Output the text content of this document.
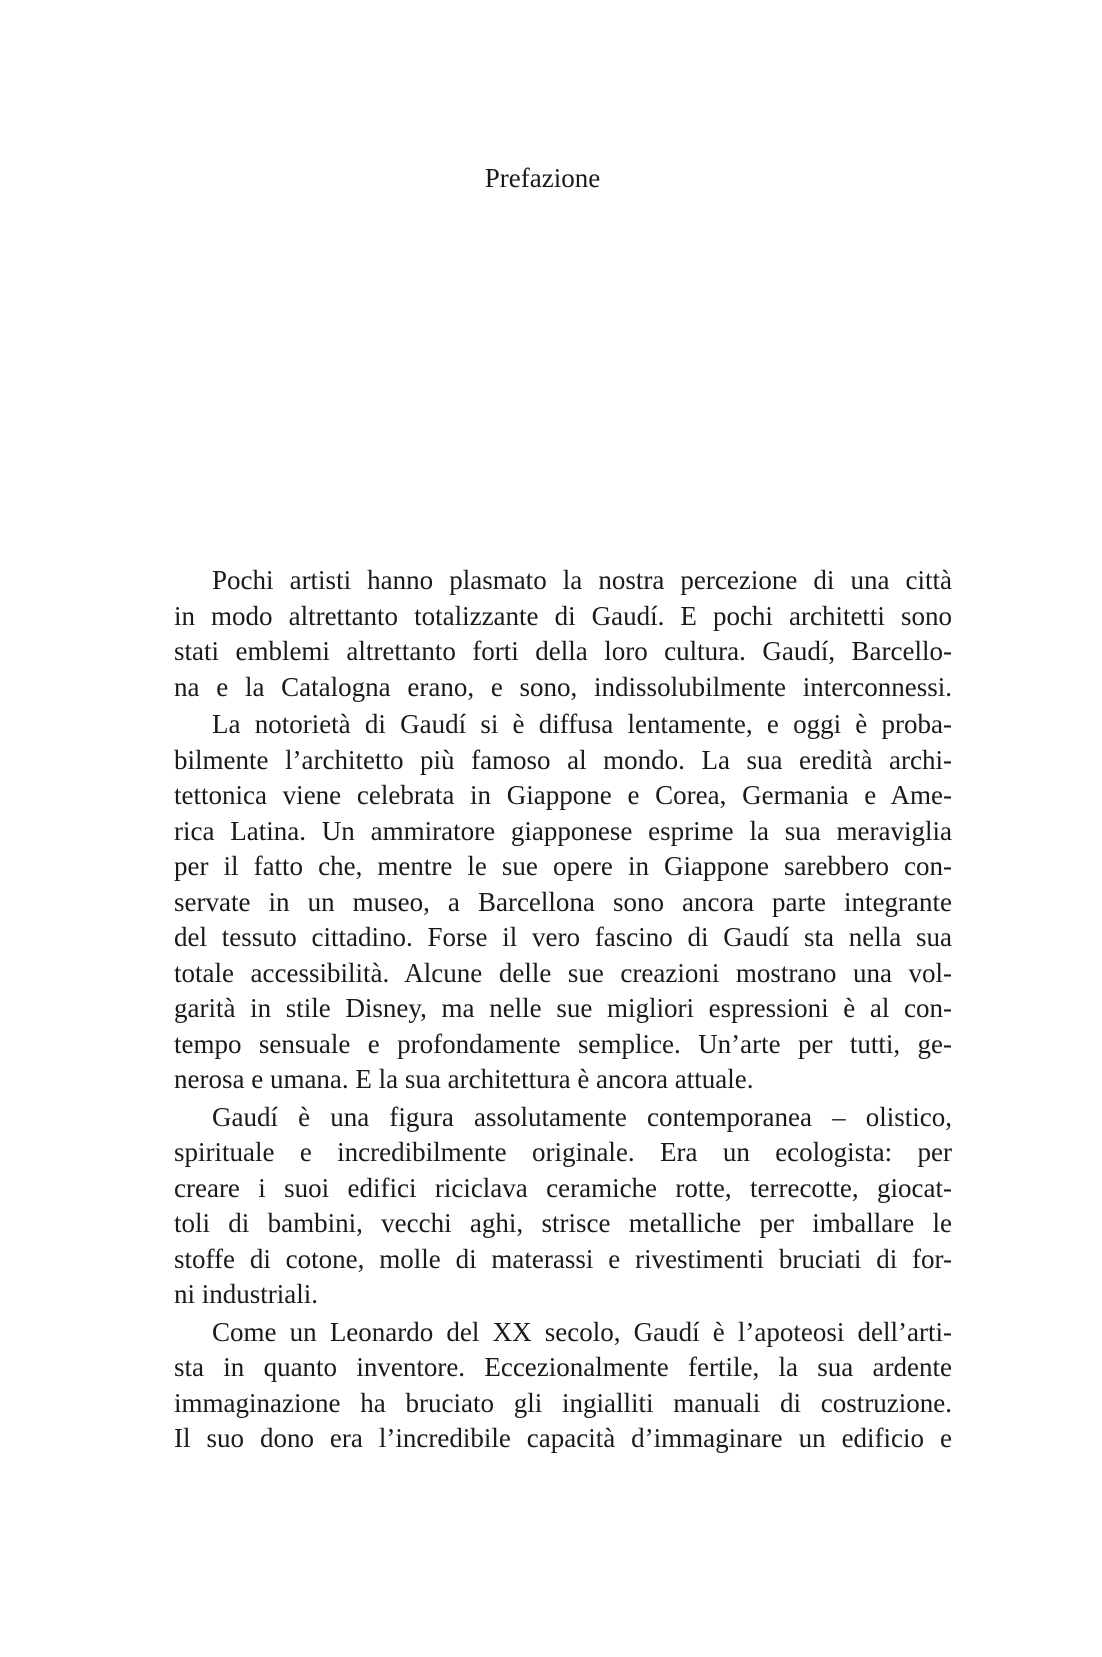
Prefazione
Pochi artisti hanno plasmato la nostra percezione di una città
in modo altrettanto totalizzante di Gaudí. E pochi architetti sono
stati emblemi altrettanto forti della loro cultura. Gaudí, Barcello-
na e la Catalogna erano, e sono, indissolubilmente interconnessi.
La notorietà di Gaudí si è diffusa lentamente, e oggi è proba-
bilmente l’architetto più famoso al mondo. La sua eredità archi-
tettonica viene celebrata in Giappone e Corea, Germania e Ame-
rica Latina. Un ammiratore giapponese esprime la sua meraviglia
per il fatto che, mentre le sue opere in Giappone sarebbero con-
servate in un museo, a Barcellona sono ancora parte integrante
del tessuto cittadino. Forse il vero fascino di Gaudí sta nella sua
totale accessibilità. Alcune delle sue creazioni mostrano una vol-
garità in stile Disney, ma nelle sue migliori espressioni è al con-
tempo sensuale e profondamente semplice. Un’arte per tutti, ge-
nerosa e umana. E la sua architettura è ancora attuale.
Gaudí è una figura assolutamente contemporanea – olistico,
spirituale e incredibilmente originale. Era un ecologista: per
creare i suoi edifici riciclava ceramiche rotte, terrecotte, giocat-
toli di bambini, vecchi aghi, strisce metalliche per imballare le
stoffe di cotone, molle di materassi e rivestimenti bruciati di for-
ni industriali.
Come un Leonardo del XX secolo, Gaudí è l’apoteosi dell’arti-
sta in quanto inventore. Eccezionalmente fertile, la sua ardente
immaginazione ha bruciato gli ingialliti manuali di costruzione.
Il suo dono era l’incredibile capacità d’immaginare un edificio e
